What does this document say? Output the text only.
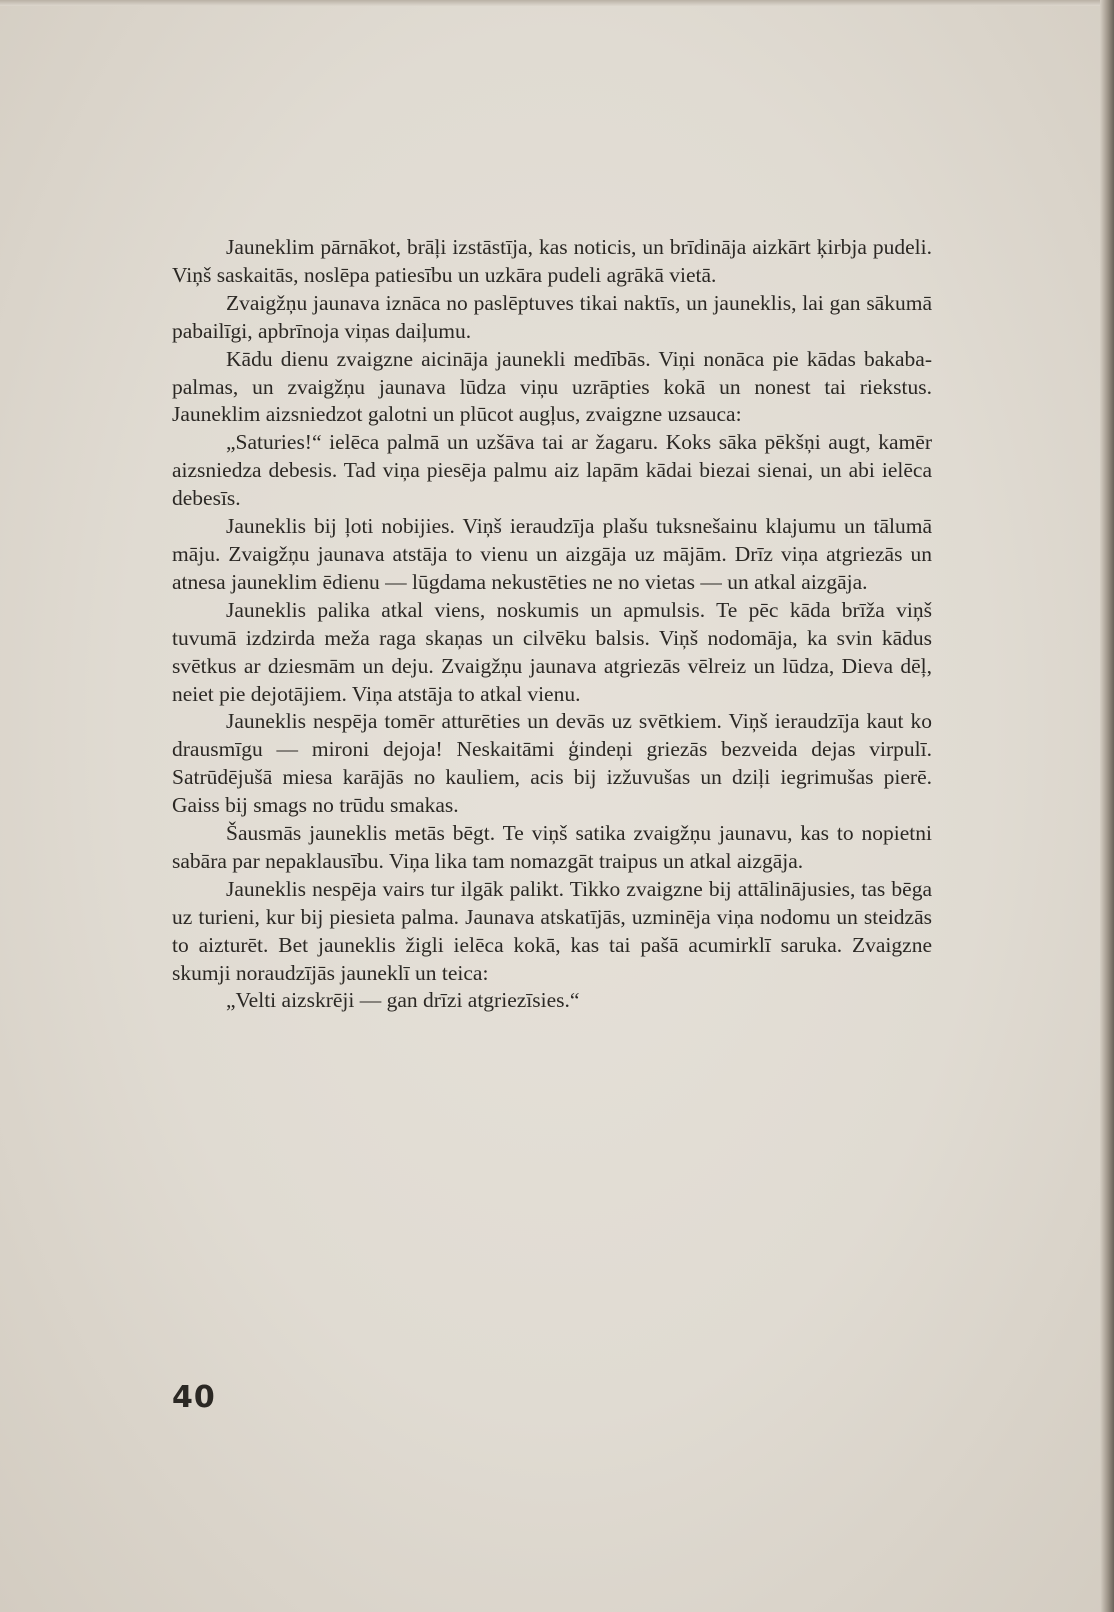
Jauneklim pārnākot, brāļi izstāstīja, kas noticis, un brīdināja aizkārt ķirbja pudeli. Viņš saskaitās, noslēpa patiesību un uzkāra pudeli agrākā vietā.

Zvaigžņu jaunava iznāca no paslēptuves tikai naktīs, un jauneklis, lai gan sākumā pabailīgi, apbrīnoja viņas daiļumu.

Kādu dienu zvaigzne aicināja jaunekli medībās. Viņi nonāca pie kādas bakaba-palmas, un zvaigžņu jaunava lūdza viņu uzrāpties kokā un nonest tai riekstus. Jauneklim aizsniedzot galotni un plūcot augļus, zvaigzne uzsauca:

„Saturies!“ ielēca palmā un uzšāva tai ar žagaru. Koks sāka pēkšņi augt, kamēr aizsniedza debesis. Tad viņa piesēja palmu aiz lapām kādai biezai sienai, un abi ielēca debesīs.

Jauneklis bij ļoti nobijies. Viņš ieraudzīja plašu tuksnešainu klajumu un tālumā māju. Zvaigžņu jaunava atstāja to vienu un aizgāja uz mājām. Drīz viņa atgriezās un atnesa jauneklim ēdienu — lūgdama nekustēties ne no vietas — un atkal aizgāja.

Jauneklis palika atkal viens, noskumis un apmulsis. Te pēc kāda brīža viņš tuvumā izdzirda meža raga skaņas un cilvēku balsis. Viņš nodomāja, ka svin kādus svētkus ar dziesmām un deju. Zvaigžņu jaunava atgriezās vēlreiz un lūdza, Dieva dēļ, neiet pie dejotājiem. Viņa atstāja to atkal vienu.

Jauneklis nespēja tomēr atturēties un devās uz svētkiem. Viņš ieraudzīja kaut ko drausmīgu — mironi dejoja! Neskaitāmi ģindeņi griezās bezveida dejas virpulī. Satrūdējušā miesa karājās no kauliem, acis bij izžuvušas un dziļi iegrimušas pierē. Gaiss bij smags no trūdu smakas.

Šausmās jauneklis metās bēgt. Te viņš satika zvaigžņu jaunavu, kas to nopietni sabāra par nepaklausību. Viņa lika tam nomazgāt traipus un atkal aizgāja.

Jauneklis nespēja vairs tur ilgāk palikt. Tikko zvaigzne bij attālinājusies, tas bēga uz turieni, kur bij piesieta palma. Jaunava atskatījās, uzminēja viņa nodomu un steidzās to aizturēt. Bet jauneklis žigli ielēca kokā, kas tai pašā acumirklī saruka. Zvaigzne skumji noraudzījās jauneklī un teica:

„Velti aizskrēji — gan drīzi atgriezīsies.“

40
